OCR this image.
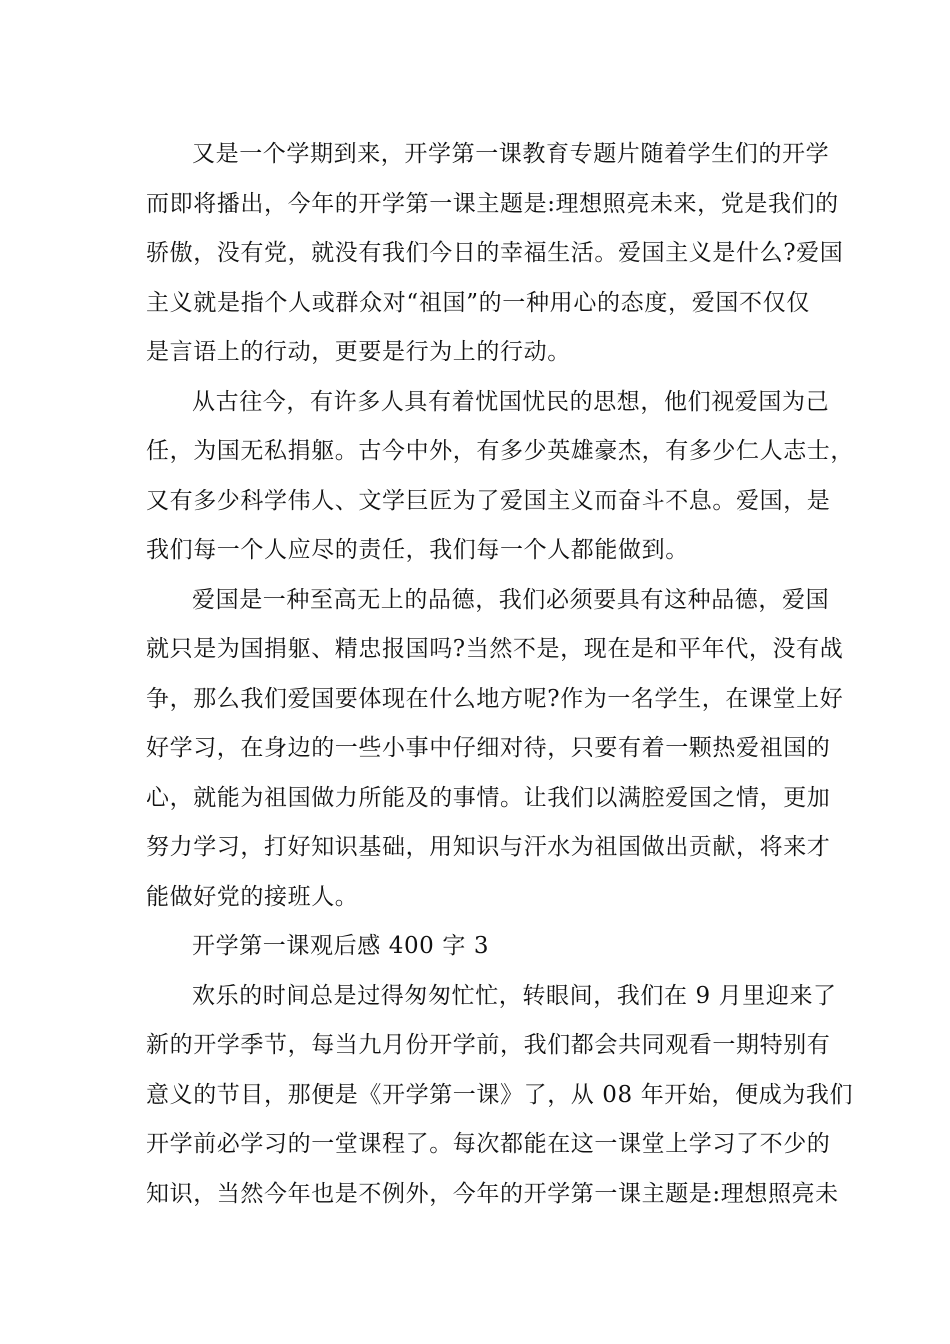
又是一个学期到来，开学第一课教育专题片随着学生们的开学
而即将播出，今年的开学第一课主题是:理想照亮未来，党是我们的
骄傲，没有党，就没有我们今日的幸福生活。爱国主义是什么?爱国
主义就是指个人或群众对“祖国”的一种用心的态度，爱国不仅仅
是言语上的行动，更要是行为上的行动。
从古往今，有许多人具有着忧国忧民的思想，他们视爱国为己
任，为国无私捐躯。古今中外，有多少英雄豪杰，有多少仁人志士，
又有多少科学伟人、文学巨匠为了爱国主义而奋斗不息。爱国，是
我们每一个人应尽的责任，我们每一个人都能做到。
爱国是一种至高无上的品德，我们必须要具有这种品德，爱国
就只是为国捐躯、精忠报国吗?当然不是，现在是和平年代，没有战
争，那么我们爱国要体现在什么地方呢?作为一名学生，在课堂上好
好学习，在身边的一些小事中仔细对待，只要有着一颗热爱祖国的
心，就能为祖国做力所能及的事情。让我们以满腔爱国之情，更加
努力学习，打好知识基础，用知识与汗水为祖国做出贡献，将来才
能做好党的接班人。
开学第一课观后感 400 字 3
欢乐的时间总是过得匆匆忙忙，转眼间，我们在 9 月里迎来了
新的开学季节，每当九月份开学前，我们都会共同观看一期特别有
意义的节目，那便是《开学第一课》了，从 08 年开始，便成为我们
开学前必学习的一堂课程了。每次都能在这一课堂上学习了不少的
知识，当然今年也是不例外，今年的开学第一课主题是:理想照亮未
